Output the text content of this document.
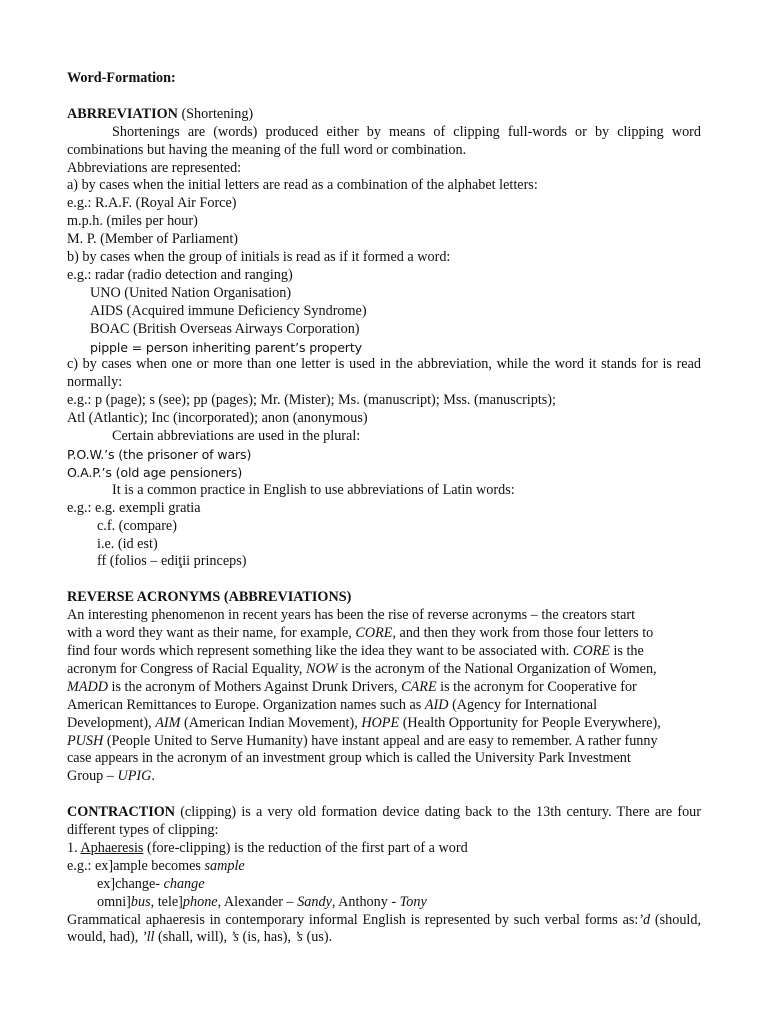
Word-Formation:

ABRREVIATION (Shortening)

Shortenings are (words) produced either by means of clipping full-words or by clipping word combinations but having the meaning of the full word or combination.

Abbreviations are represented:

a) by cases when the initial letters are read as a combination of the alphabet letters:

e.g.: R.A.F. (Royal Air Force)

m.p.h. (miles per hour)

M. P. (Member of Parliament)

b) by cases when the group of initials is read as if it formed a word:

e.g.: radar (radio detection and ranging)

UNO (United Nation Organisation)

AIDS (Acquired immune Deficiency Syndrome)

BOAC (British Overseas Airways Corporation)

pipple = person inheriting parent’s property

c) by cases when one or more than one letter is used in the abbreviation, while the word it stands for is read normally:

e.g.: p (page); s (see); pp (pages); Mr. (Mister); Ms. (manuscript); Mss. (manuscripts);

Atl (Atlantic); Inc (incorporated); anon (anonymous)

Certain abbreviations are used in the plural:

P.O.W.’s (the prisoner of wars)

O.A.P.’s (old age pensioners)

It is a common practice in English to use abbreviations of Latin words:

e.g.: e.g. exempli gratia

c.f. (compare)

i.e. (id est)

ff (folios – ediţii princeps)

REVERSE ACRONYMS (ABBREVIATIONS)

An interesting phenomenon in recent years has been the rise of reverse acronyms – the creators start

with a word they want as their name, for example, CORE, and then they work from those four letters to

find four words which represent something like the idea they want to be associated with. CORE is the

acronym for Congress of Racial Equality, NOW is the acronym of the National Organization of Women,

MADD is the acronym of Mothers Against Drunk Drivers, CARE is the acronym for Cooperative for

American Remittances to Europe. Organization names such as AID (Agency for International

Development), AIM (American Indian Movement), HOPE (Health Opportunity for People Everywhere),

PUSH (People United to Serve Humanity) have instant appeal and are easy to remember. A rather funny

case appears in the acronym of an investment group which is called the University Park Investment

Group – UPIG.

CONTRACTION (clipping) is a very old formation device dating back to the 13th century. There are four different types of clipping:

1. Aphaeresis (fore-clipping) is the reduction of the first part of a word

e.g.: ex]ample becomes sample

ex]change- change

omni]bus, tele]phone, Alexander – Sandy, Anthony - Tony

Grammatical aphaeresis in contemporary informal English is represented by such verbal forms as:’d (should, would, had), ’ll (shall, will), ’s (is, has), ’s (us).
